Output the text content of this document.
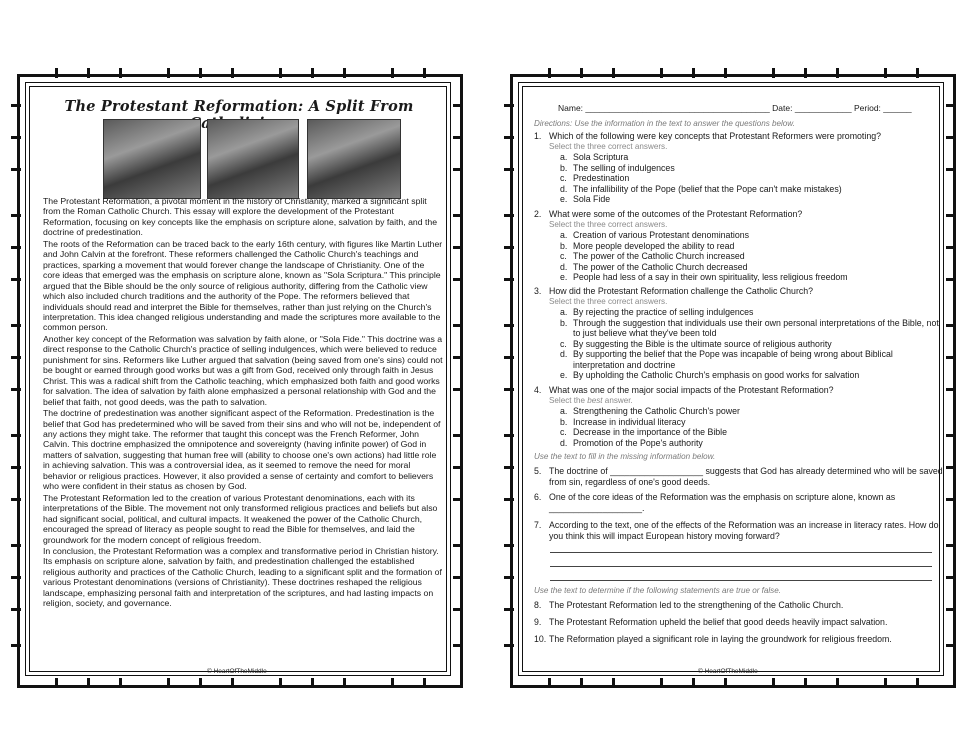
The Protestant Reformation: A Split From

The Protestant Reformation, a pivotal moment in the history of Christianity, marked a significant split from the Roman Catholic Church. This essay will explore the development of the Protestant Reformation, focusing on key concepts like the emphasis on scripture alone, salvation by faith, and the doctrine of predestination.

The roots of the Reformation can be traced back to the early 16th century, with figures like Martin Luther and John Calvin at the forefront. These reformers challenged the Catholic Church's teachings and practices, sparking a movement that would forever change the landscape of Christianity. One of the core ideas that emerged was the emphasis on scripture alone, known as "Sola Scriptura." This principle argued that the Bible should be the only source of religious authority, differing from the Catholic view which also included church traditions and the authority of the Pope. The reformers believed that individuals should read and interpret the Bible for themselves, rather than just relying on the Church's interpretation. This idea changed religious understanding and made the scriptures more available to the common person.

Another key concept of the Reformation was salvation by faith alone, or "Sola Fide." This doctrine was a direct response to the Catholic Church's practice of selling indulgences, which were believed to reduce punishment for sins. Reformers like Luther argued that salvation (being saved from one's sins) could not be bought or earned through good works but was a gift from God, received only through faith in Jesus Christ. This was a radical shift from the Catholic teaching, which emphasized both faith and good works for salvation. The idea of salvation by faith alone emphasized a personal relationship with God and the belief that faith, not good deeds, was the path to salvation.

The doctrine of predestination was another significant aspect of the Reformation. Predestination is the belief that God has predetermined who will be saved from their sins and who will not be, independent of any actions they might take. The reformer that taught this concept was the French Reformer, John Calvin. This doctrine emphasized the omnipotence and sovereignty (having infinite power) of God in matters of salvation, suggesting that human free will (ability to choose one's own actions) had little role in achieving salvation. This was a controversial idea, as it seemed to remove the need for moral behavior or religious practices. However, it also provided a sense of certainty and comfort to believers who were confident in their status as chosen by God.

The Protestant Reformation led to the creation of various Protestant denominations, each with its interpretations of the Bible. The movement not only transformed religious practices and beliefs but also had significant social, political, and cultural impacts. It weakened the power of the Catholic Church, encouraged the spread of literacy as people sought to read the Bible for themselves, and laid the groundwork for the modern concept of religious freedom.

In conclusion, the Protestant Reformation was a complex and transformative period in Christian history. Its emphasis on scripture alone, salvation by faith, and predestination challenged the established religious authority and practices of the Catholic Church, leading to a significant split and the formation of various Protestant denominations (versions of Christianity). These doctrines reshaped the religious landscape, emphasizing personal faith and interpretation of the scriptures, and had lasting impacts on religion, society, and governance.

© HeartOfTheMiddle
Name: _______________________________________ Date: ____________ Period: ______
Directions: Use the information in the text to answer the questions below.
1. Which of the following were key concepts that Protestant Reformers were promoting?
Select the three correct answers.
a. Sola Scriptura
b. The selling of indulgences
c. Predestination
d. The infallibility of the Pope (belief that the Pope can't make mistakes)
e. Sola Fide
2. What were some of the outcomes of the Protestant Reformation?
Select the three correct answers.
a. Creation of various Protestant denominations
b. More people developed the ability to read
c. The power of the Catholic Church increased
d. The power of the Catholic Church decreased
e. People had less of a say in their own spirituality, less religious freedom
3. How did the Protestant Reformation challenge the Catholic Church?
Select the three correct answers.
a. By rejecting the practice of selling indulgences
b. Through the suggestion that individuals use their own personal interpretations of the Bible, not to just believe what they've been told
c. By suggesting the Bible is the ultimate source of religious authority
d. By supporting the belief that the Pope was incapable of being wrong about Biblical interpretation and doctrine
e. By upholding the Catholic Church's emphasis on good works for salvation
4. What was one of the major social impacts of the Protestant Reformation?
Select the best answer.
a. Strengthening the Catholic Church's power
b. Increase in individual literacy
c. Decrease in the importance of the Bible
d. Promotion of the Pope's authority
Use the text to fill in the missing information below.
5. The doctrine of ___________________ suggests that God has already determined who will be saved from sin, regardless of one's good deeds.
6. One of the core ideas of the Reformation was the emphasis on scripture alone, known as ___________________.
7. According to the text, one of the effects of the Reformation was an increase in literacy rates. How do you think this will impact European history moving forward?
Use the text to determine if the following statements are true or false.
8. The Protestant Reformation led to the strengthening of the Catholic Church.
9. The Protestant Reformation upheld the belief that good deeds heavily impact salvation.
10. The Reformation played a significant role in laying the groundwork for religious freedom.
© HeartOfTheMiddle
